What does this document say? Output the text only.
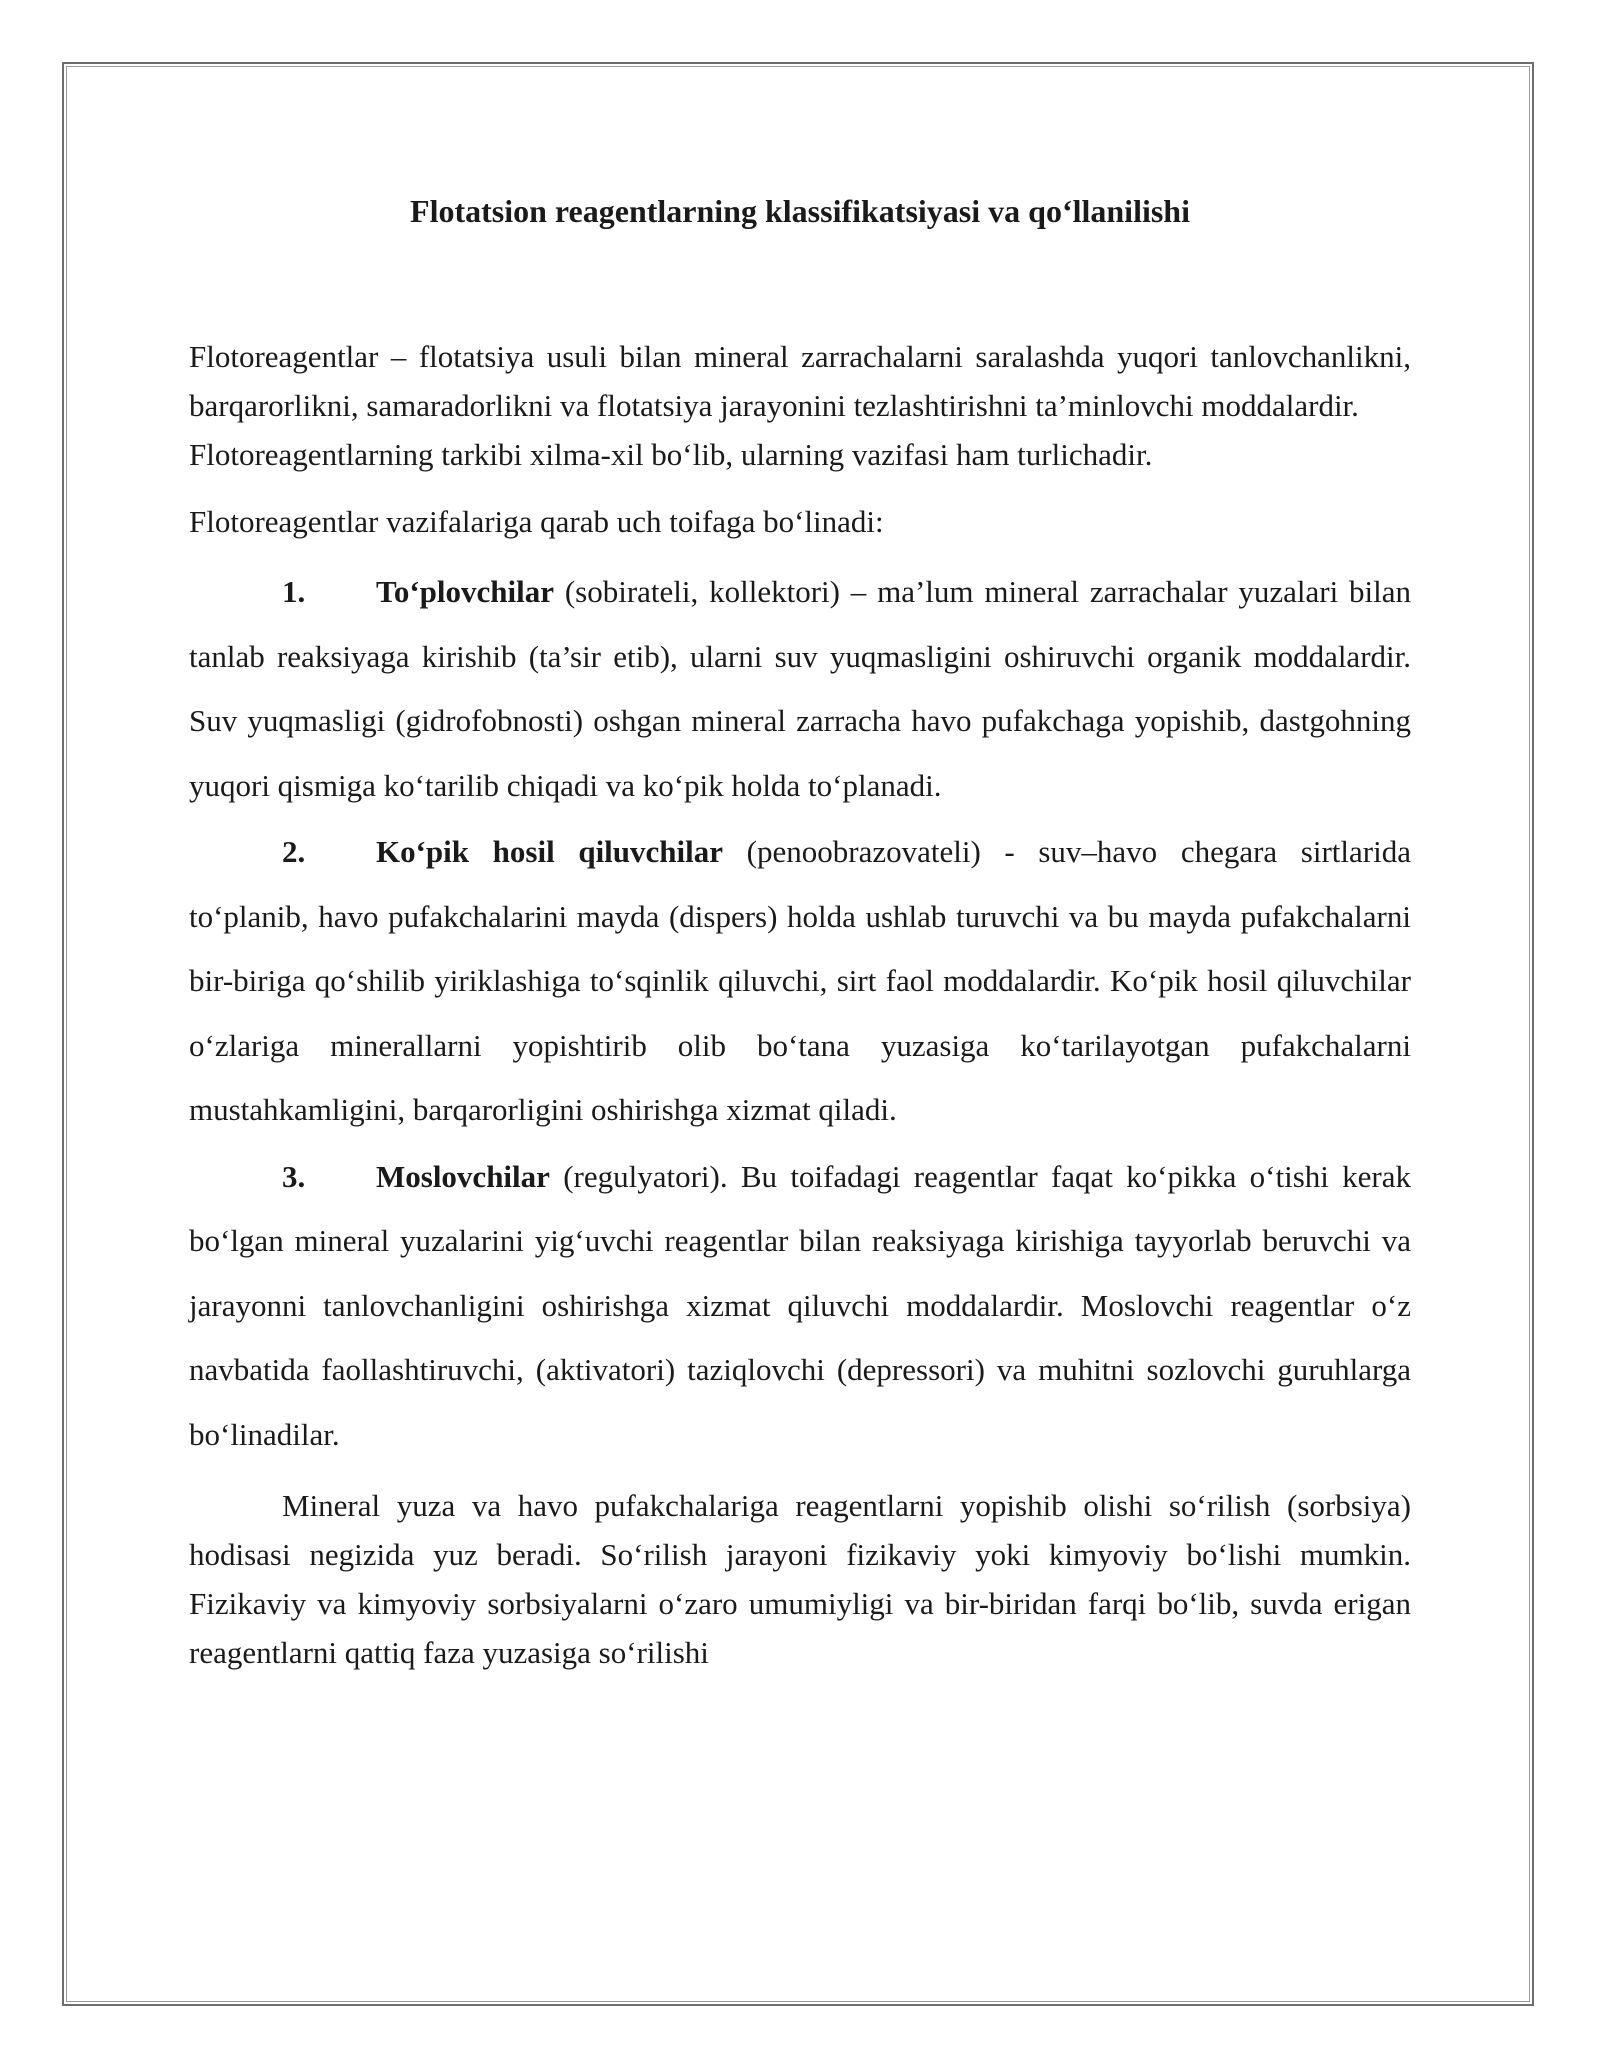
Flotatsion reagentlarning klassifikatsiyasi va qo‘llanilishi

Flotoreagentlar – flotatsiya usuli bilan mineral zarrachalarni saralashda yuqori tanlovchanlikni, barqarorlikni, samaradorlikni va flotatsiya jarayonini tezlashtirishni ta’minlovchi moddalardir.

Flotoreagentlarning tarkibi xilma-xil bo‘lib, ularning vazifasi ham turlichadir.

Flotoreagentlar vazifalariga qarab uch toifaga bo‘linadi:

1. To‘plovchilar (sobirateli, kollektori) – ma’lum mineral zarrachalar yuzalari bilan tanlab reaksiyaga kirishib (ta’sir etib), ularni suv yuqmasligini oshiruvchi organik moddalardir. Suv yuqmasligi (gidrofobnosti) oshgan mineral zarracha havo pufakchaga yopishib, dastgohning yuqori qismiga ko‘tarilib chiqadi va ko‘pik holda to‘planadi.

2. Ko‘pik hosil qiluvchilar (penoobrazovateli) - suv–havo chegara sirtlarida to‘planib, havo pufakchalarini mayda (dispers) holda ushlab turuvchi va bu mayda pufakchalarni bir-biriga qo‘shilib yiriklashiga to‘sqinlik qiluvchi, sirt faol moddalardir. Ko‘pik hosil qiluvchilar o‘zlariga minerallarni yopishtirib olib bo‘tana yuzasiga ko‘tarilayotgan pufakchalarni mustahkamligini, barqarorligini oshirishga xizmat qiladi.

3. Moslovchilar (regulyatori). Bu toifadagi reagentlar faqat ko‘pikka o‘tishi kerak bo‘lgan mineral yuzalarini yig‘uvchi reagentlar bilan reaksiyaga kirishiga tayyorlab beruvchi va jarayonni tanlovchanligini oshirishga xizmat qiluvchi moddalardir. Moslovchi reagentlar o‘z navbatida faollashtiruvchi, (aktivatori) taziqlovchi (depressori) va muhitni sozlovchi guruhlarga bo‘linadilar.

Mineral yuza va havo pufakchalariga reagentlarni yopishib olishi so‘rilish (sorbsiya) hodisasi negizida yuz beradi. So‘rilish jarayoni fizikaviy yoki kimyoviy bo‘lishi mumkin. Fizikaviy va kimyoviy sorbsiyalarni o‘zaro umumiyligi va bir-biridan farqi bo‘lib, suvda erigan reagentlarni qattiq faza yuzasiga so‘rilishi
